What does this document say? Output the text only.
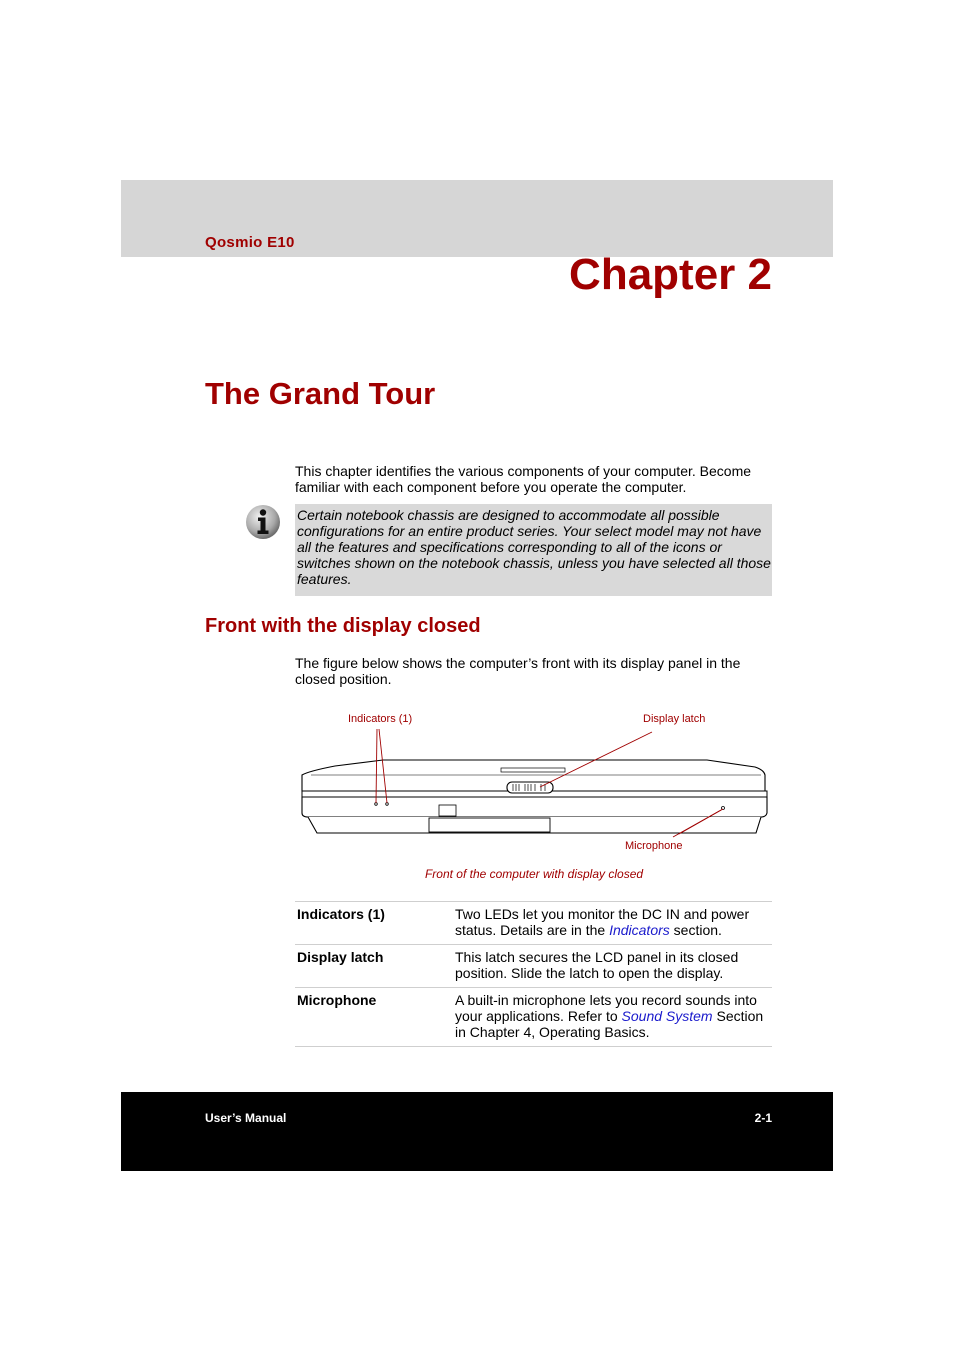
Qosmio E10
Chapter 2
The Grand Tour
This chapter identifies the various components of your computer. Become familiar with each component before you operate the computer.
Certain notebook chassis are designed to accommodate all possible configurations for an entire product series. Your select model may not have all the features and specifications corresponding to all of the icons or switches shown on the notebook chassis, unless you have selected all those features.
Front with the display closed
The figure below shows the computer’s front with its display panel in the closed position.
Indicators (1)	Display latch
Microphone
Front of the computer with display closed
Indicators (1)	Two LEDs let you monitor the DC IN and power status. Details are in the Indicators section.
Display latch	This latch secures the LCD panel in its closed position. Slide the latch to open the display.
Microphone	A built-in microphone lets you record sounds into your applications. Refer to Sound System Section in Chapter 4, Operating Basics.
User’s Manual	2-1
